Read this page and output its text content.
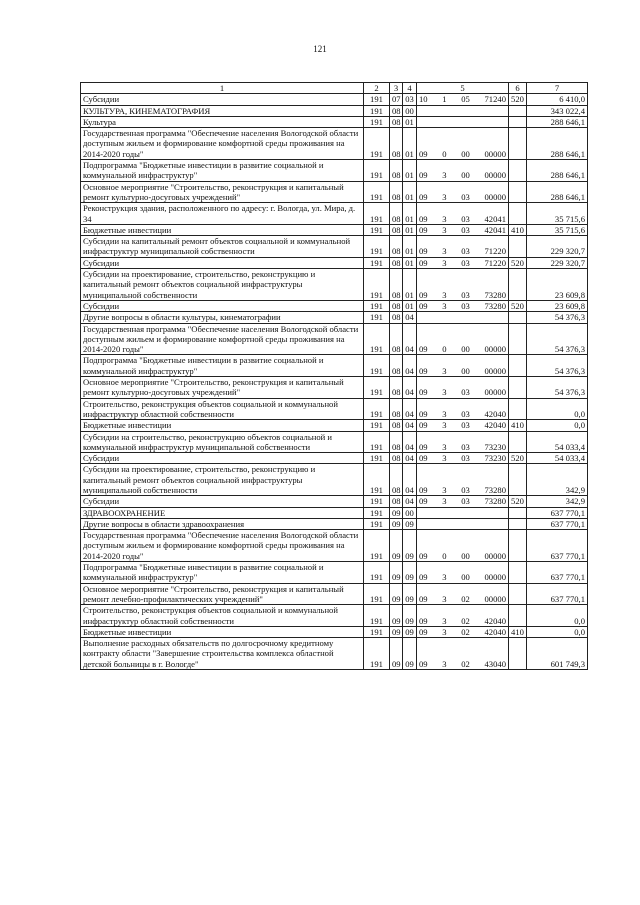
121
1	2	3	4	5	6	7
Субсидии	191	07	03	10 1 05 71240	520	6 410,0
КУЛЬТУРА, КИНЕМАТОГРАФИЯ	191	08	00			343 022,4
Культура	191	08	01			288 646,1
Государственная программа "Обеспечение населения Вологодской области доступным жильем и формирование комфортной среды проживания на 2014-2020 годы"	191	08	01	09 0 00 00000		288 646,1
Подпрограмма "Бюджетные инвестиции в развитие социальной и коммунальной инфраструктур"	191	08	01	09 3 00 00000		288 646,1
Основное мероприятие "Строительство, реконструкция и капитальный ремонт культурно-досуговых учреждений"	191	08	01	09 3 03 00000		288 646,1
Реконструкция здания, расположенного по адресу: г. Вологда, ул. Мира, д. 34	191	08	01	09 3 03 42041		35 715,6
Бюджетные инвестиции	191	08	01	09 3 03 42041	410	35 715,6
Субсидии на капитальный ремонт объектов социальной и коммунальной инфраструктур муниципальной собственности	191	08	01	09 3 03 71220		229 320,7
Субсидии	191	08	01	09 3 03 71220	520	229 320,7
Субсидии на проектирование, строительство, реконструкцию и капитальный ремонт объектов социальной инфраструктуры муниципальной собственности	191	08	01	09 3 03 73280		23 609,8
Субсидии	191	08	01	09 3 03 73280	520	23 609,8
Другие вопросы в области культуры, кинематографии	191	08	04			54 376,3
Государственная программа "Обеспечение населения Вологодской области доступным жильем и формирование комфортной среды проживания на 2014-2020 годы"	191	08	04	09 0 00 00000		54 376,3
Подпрограмма "Бюджетные инвестиции в развитие социальной и коммунальной инфраструктур"	191	08	04	09 3 00 00000		54 376,3
Основное мероприятие "Строительство, реконструкция и капитальный ремонт культурно-досуговых учреждений"	191	08	04	09 3 03 00000		54 376,3
Строительство, реконструкция объектов социальной и коммунальной инфраструктур областной собственности	191	08	04	09 3 03 42040		0,0
Бюджетные инвестиции	191	08	04	09 3 03 42040	410	0,0
Субсидии на строительство, реконструкцию объектов социальной и коммунальной инфраструктур муниципальной собственности	191	08	04	09 3 03 73230		54 033,4
Субсидии	191	08	04	09 3 03 73230	520	54 033,4
Субсидии на проектирование, строительство, реконструкцию и капитальный ремонт объектов социальной инфраструктуры муниципальной собственности	191	08	04	09 3 03 73280		342,9
Субсидии	191	08	04	09 3 03 73280	520	342,9
ЗДРАВООХРАНЕНИЕ	191	09	00			637 770,1
Другие вопросы в области здравоохранения	191	09	09			637 770,1
Государственная программа "Обеспечение населения Вологодской области доступным жильем и формирование комфортной среды проживания на 2014-2020 годы"	191	09	09	09 0 00 00000		637 770,1
Подпрограмма "Бюджетные инвестиции в развитие социальной и коммунальной инфраструктур"	191	09	09	09 3 00 00000		637 770,1
Основное мероприятие "Строительство, реконструкция и капитальный ремонт лечебно-профилактических учреждений"	191	09	09	09 3 02 00000		637 770,1
Строительство, реконструкция объектов социальной и коммунальной инфраструктур областной собственности	191	09	09	09 3 02 42040		0,0
Бюджетные инвестиции	191	09	09	09 3 02 42040	410	0,0
Выполнение расходных обязательств по долгосрочному кредитному контракту области "Завершение строительства комплекса областной детской больницы в г. Вологде"	191	09	09	09 3 02 43040		601 749,3
